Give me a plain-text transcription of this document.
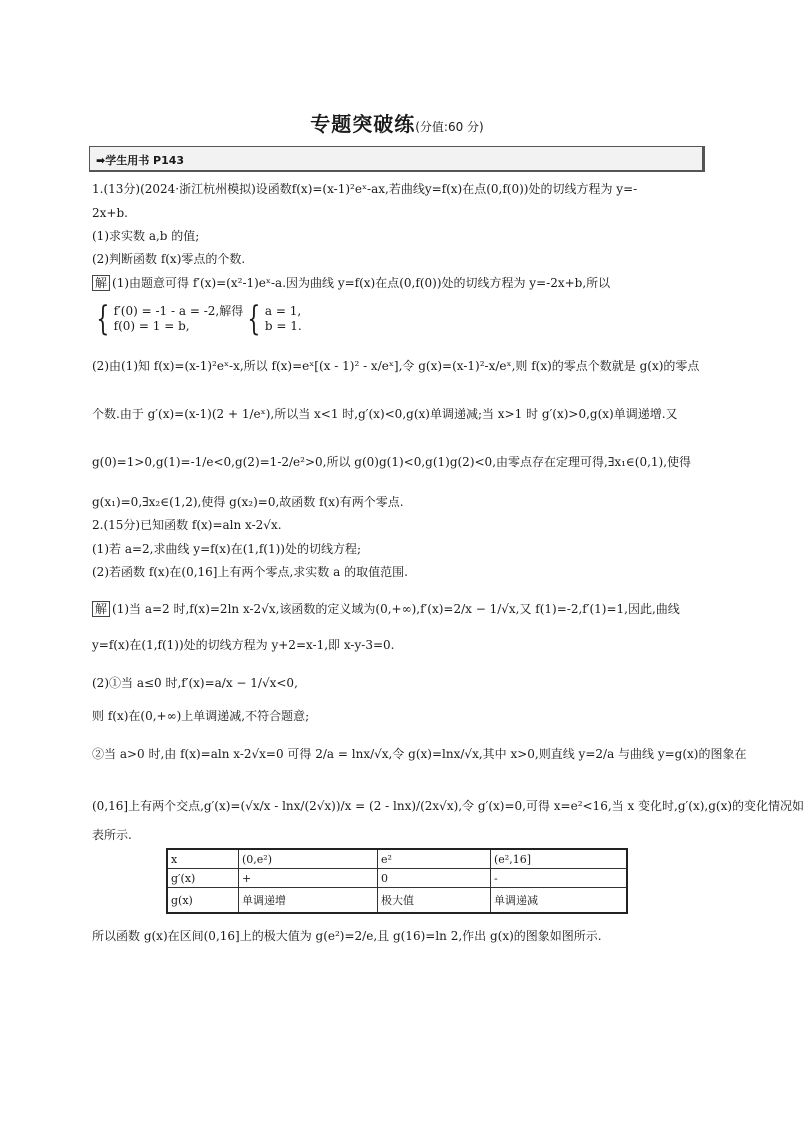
专题突破练(分值:60 分)
➡学生用书 P143
1.(13分)(2024·浙江杭州模拟)设函数f(x)=(x-1)²eˣ-ax,若曲线y=f(x)在点(0,f(0))处的切线方程为 y=-
2x+b.
(1)求实数 a,b 的值;
(2)判断函数 f(x)零点的个数.
解 (1)由题意可得 f′(x)=(x²-1)eˣ-a.因为曲线 y=f(x)在点(0,f(0))处的切线方程为 y=-2x+b,所以
{ f′(0) = -1 - a = -2,
f(0) = 1 = b,解得 { a = 1,
b = 1.
(2)由(1)知 f(x)=(x-1)²eˣ-x,所以 f(x)=eˣ[(x - 1)² - x/eˣ],令 g(x)=(x-1)²-x/eˣ,则 f(x)的零点个数就是 g(x)的零点
个数.由于 g′(x)=(x-1)(2 + 1/eˣ),所以当 x<1 时,g′(x)<0,g(x)单调递减;当 x>1 时 g′(x)>0,g(x)单调递增.又
g(0)=1>0,g(1)=-1/e<0,g(2)=1-2/e²>0,所以 g(0)g(1)<0,g(1)g(2)<0,由零点存在定理可得,∃x₁∈(0,1),使得
g(x₁)=0,∃x₂∈(1,2),使得 g(x₂)=0,故函数 f(x)有两个零点.
2.(15分)已知函数 f(x)=aln x-2√x.
(1)若 a=2,求曲线 y=f(x)在(1,f(1))处的切线方程;
(2)若函数 f(x)在(0,16]上有两个零点,求实数 a 的取值范围.
解 (1)当 a=2 时,f(x)=2ln x-2√x,该函数的定义域为(0,+∞),f′(x)=2/x − 1/√x,又 f(1)=-2,f′(1)=1,因此,曲线
y=f(x)在(1,f(1))处的切线方程为 y+2=x-1,即 x-y-3=0.
(2)①当 a≤0 时,f′(x)=a/x − 1/√x<0,
则 f(x)在(0,+∞)上单调递减,不符合题意;
②当 a>0 时,由 f(x)=aln x-2√x=0 可得 2/a = lnx/√x,令 g(x)=lnx/√x,其中 x>0,则直线 y=2/a 与曲线 y=g(x)的图象在
(0,16]上有两个交点,g′(x)=(√x/x - lnx/(2√x))/x = (2 - lnx)/(2x√x),令 g′(x)=0,可得 x=e²<16,当 x 变化时,g′(x),g(x)的变化情况如
表所示.
x	(0,e²)	e²	(e²,16]
g′(x)	+	0	-
g(x)	单调递增	极大值	单调递减
所以函数 g(x)在区间(0,16]上的极大值为 g(e²)=2/e,且 g(16)=ln 2,作出 g(x)的图象如图所示.
